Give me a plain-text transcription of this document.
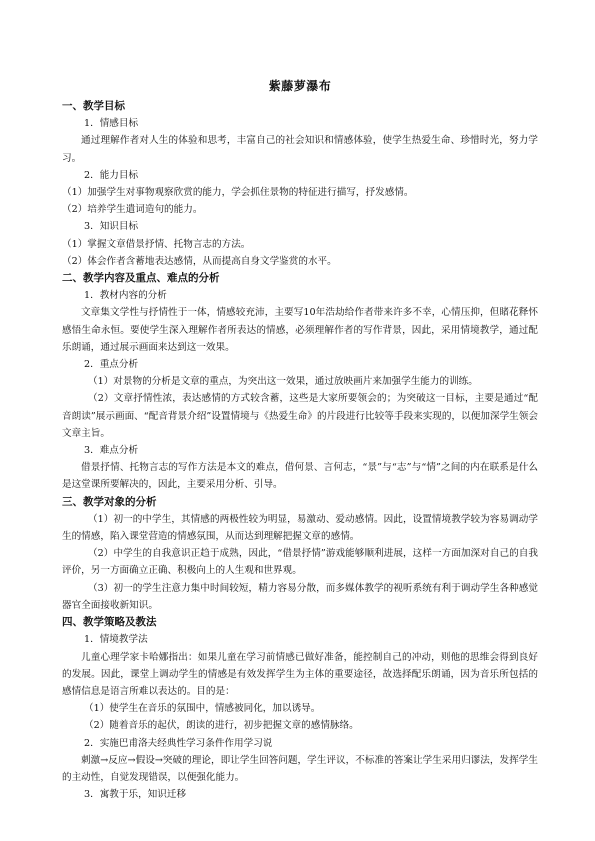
紫藤萝瀑布
一、教学目标
1．情感目标
通过理解作者对人生的体验和思考，丰富自己的社会知识和情感体验，使学生热爱生命、珍惜时光，努力学习。
2．能力目标
（1）加强学生对事物观察欣赏的能力，学会抓住景物的特征进行描写，抒发感情。
（2）培养学生遣词造句的能力。
3．知识目标
（1）掌握文章借景抒情、托物言志的方法。
（2）体会作者含蓄地表达感情，从而提高自身文学鉴赏的水平。
二、教学内容及重点、难点的分析
1．教材内容的分析
文章集文学性与抒情性于一体，情感较充沛，主要写10年浩劫给作者带来许多不幸，心情压抑，但睹花释怀感悟生命永恒。要使学生深入理解作者所表达的情感，必须理解作者的写作背景，因此，采用情境教学，通过配乐朗诵，通过展示画面来达到这一效果。
2．重点分析
（1）对景物的分析是文章的重点，为突出这一效果，通过放映画片来加强学生能力的训练。
（2）文章抒情性浓，表达感情的方式较含蓄，这些是大家所要领会的；为突破这一目标，主要是通过“配音朗读”展示画面、“配音背景介绍”设置情境与《热爱生命》的片段进行比较等手段来实现的，以便加深学生领会文章主旨。
3．难点分析
借景抒情、托物言志的写作方法是本文的难点，借何景、言何志，“景”与“志”与“情”之间的内在联系是什么是这堂课所要解决的，因此，主要采用分析、引导。
三、教学对象的分析
（1）初一的中学生，其情感的两极性较为明显，易激动、爱动感情。因此，设置情境教学较为容易调动学生的情感，陷入课堂营造的情感氛围，从而达到理解把握文章的感情。
（2）中学生的自我意识正趋于成熟，因此，“借景抒情”游戏能够顺利进展，这样一方面加深对自己的自我评价，另一方面确立正确、积极向上的人生观和世界观。
（3）初一的学生注意力集中时间较短，精力容易分散，而多媒体教学的视听系统有利于调动学生各种感觉器官全面接收新知识。
四、教学策略及教法
1．情境教学法
儿童心理学家卡哈娜指出：如果儿童在学习前情感已做好准备，能控制自己的冲动，则他的思维会得到良好的发展。因此，课堂上调动学生的情感是有效发挥学生为主体的重要途径，故选择配乐朗诵，因为音乐所包括的感情信息是语言所难以表达的。目的是：
（1）使学生在音乐的氛围中，情感被同化，加以诱导。
（2）随着音乐的起伏，朗读的进行，初步把握文章的感情脉络。
2．实施巴甫洛夫经典性学习条件作用学习说
刺激→反应→假设→突破的理论，即让学生回答问题，学生评议，不标准的答案让学生采用归谬法，发挥学生的主动性，自觉发现错误，以便强化能力。
3．寓教于乐，知识迁移
